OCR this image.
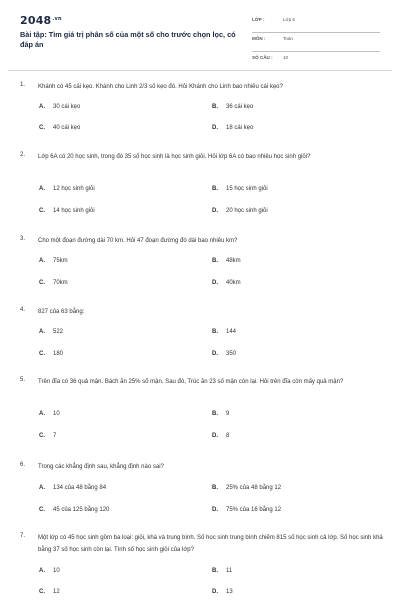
$2048^{.vn}$
Bài tập: Tìm giá trị phân số của một số cho trước chọn lọc, có đáp án
LỚP :	Lớp 6
MÔN :	Toán
SỐ CÂU : 10
1. Khánh có 45 cái kẹo. Khánh cho Linh 2/3 số kẹo đó. Hỏi Khánh cho Linh bao nhiêu cái kẹo?
A. 30 cái kẹo	B. 36 cái kẹo
C. 40 cái kẹo	D. 18 cái kẹo
2. Lớp 6A có 20 học sinh, trong đó 35 số học sinh là học sinh giỏi. Hỏi lớp 6A có bao nhiêu học sinh giỏi?
A. 12 học sinh giỏi	B. 15 học sinh giỏi
C. 14 học sinh giỏi	D. 20 học sinh giỏi
3. Cho một đoạn đường dài 70 km. Hỏi 47 đoạn đường đó dài bao nhiêu km?
A. 75km	B. 48km
C. 70km	D. 40km
4. 827 của 63 bằng:
A. 522	B. 144
C. 180	D. 350
5. Trên đĩa có 36 quả mận. Bách ăn 25% số mận. Sau đó, Trúc ăn 23 số mận còn lại. Hỏi trên đĩa còn mấy quả mận?
A. 10	B. 9
C. 7	D. 8
6. Trong các khẳng định sau, khẳng định nào sai?
A. 134 của 48 bằng 84	B. 25% của 48 bằng 12
C. 45 của 125 bằng 120	D. 75% của 16 bằng 12
7. Một lớp có 45 học sinh gồm ba loại: giỏi, khá và trung bình. Số học sinh trung bình chiếm 815 số học sinh cả lớp. Số học sinh khá bằng 37 số học sinh còn lại. Tính số học sinh giỏi của lớp?
A. 10	B. 11
C. 12	D. 13
